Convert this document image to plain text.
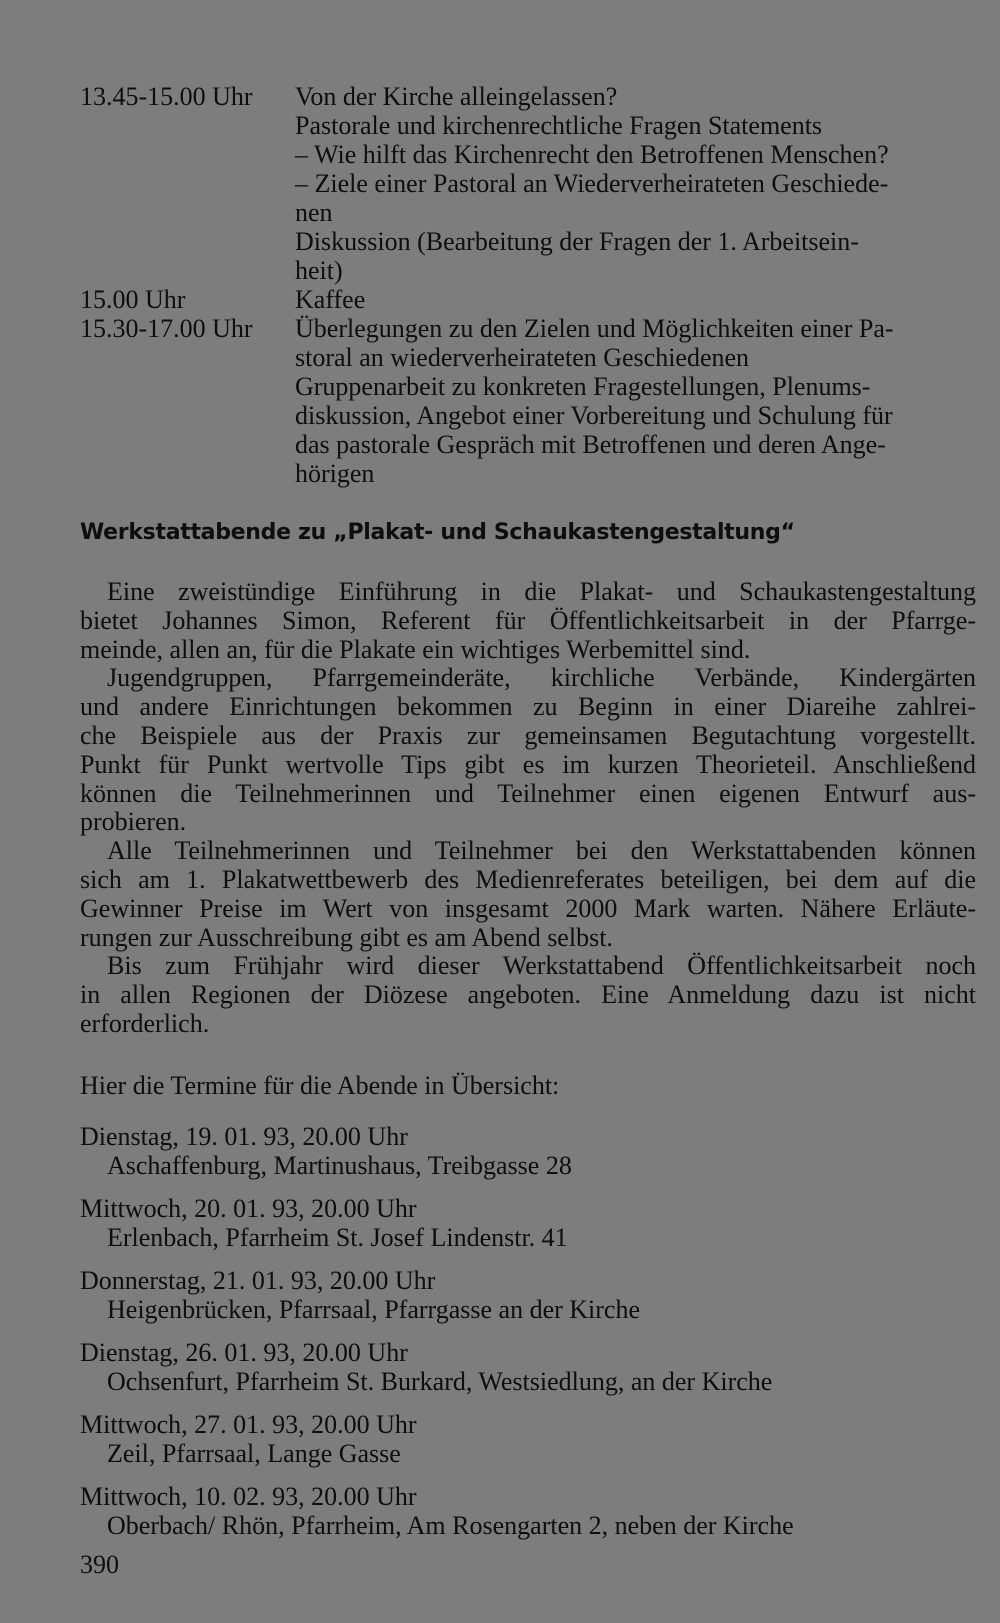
13.45-15.00 Uhr	Von der Kirche alleingelassen?
Pastorale und kirchenrechtliche Fragen Statements
– Wie hilft das Kirchenrecht den Betroffenen Menschen?
– Ziele einer Pastoral an Wiederverheirateten Geschiede-
nen
Diskussion (Bearbeitung der Fragen der 1. Arbeitsein-
heit)
15.00 Uhr	Kaffee
15.30-17.00 Uhr	Überlegungen zu den Zielen und Möglichkeiten einer Pa-
storal an wiederverheirateten Geschiedenen
Gruppenarbeit zu konkreten Fragestellungen, Plenums-
diskussion, Angebot einer Vorbereitung und Schulung für
das pastorale Gespräch mit Betroffenen und deren Ange-
hörigen
Werkstattabende zu „Plakat- und Schaukastengestaltung“
Eine zweistündige Einführung in die Plakat- und Schaukastengestaltung
bietet Johannes Simon, Referent für Öffentlichkeitsarbeit in der Pfarrge-
meinde, allen an, für die Plakate ein wichtiges Werbemittel sind.
Jugendgruppen, Pfarrgemeinderäte, kirchliche Verbände, Kindergärten
und andere Einrichtungen bekommen zu Beginn in einer Diareihe zahlrei-
che Beispiele aus der Praxis zur gemeinsamen Begutachtung vorgestellt.
Punkt für Punkt wertvolle Tips gibt es im kurzen Theorieteil. Anschließend
können die Teilnehmerinnen und Teilnehmer einen eigenen Entwurf aus-
probieren.
Alle Teilnehmerinnen und Teilnehmer bei den Werkstattabenden können
sich am 1. Plakatwettbewerb des Medienreferates beteiligen, bei dem auf die
Gewinner Preise im Wert von insgesamt 2000 Mark warten. Nähere Erläute-
rungen zur Ausschreibung gibt es am Abend selbst.
Bis zum Frühjahr wird dieser Werkstattabend Öffentlichkeitsarbeit noch
in allen Regionen der Diözese angeboten. Eine Anmeldung dazu ist nicht
erforderlich.
Hier die Termine für die Abende in Übersicht:
Dienstag, 19. 01. 93, 20.00 Uhr
Aschaffenburg, Martinushaus, Treibgasse 28
Mittwoch, 20. 01. 93, 20.00 Uhr
Erlenbach, Pfarrheim St. Josef Lindenstr. 41
Donnerstag, 21. 01. 93, 20.00 Uhr
Heigenbrücken, Pfarrsaal, Pfarrgasse an der Kirche
Dienstag, 26. 01. 93, 20.00 Uhr
Ochsenfurt, Pfarrheim St. Burkard, Westsiedlung, an der Kirche
Mittwoch, 27. 01. 93, 20.00 Uhr
Zeil, Pfarrsaal, Lange Gasse
Mittwoch, 10. 02. 93, 20.00 Uhr
Oberbach/ Rhön, Pfarrheim, Am Rosengarten 2, neben der Kirche
390
